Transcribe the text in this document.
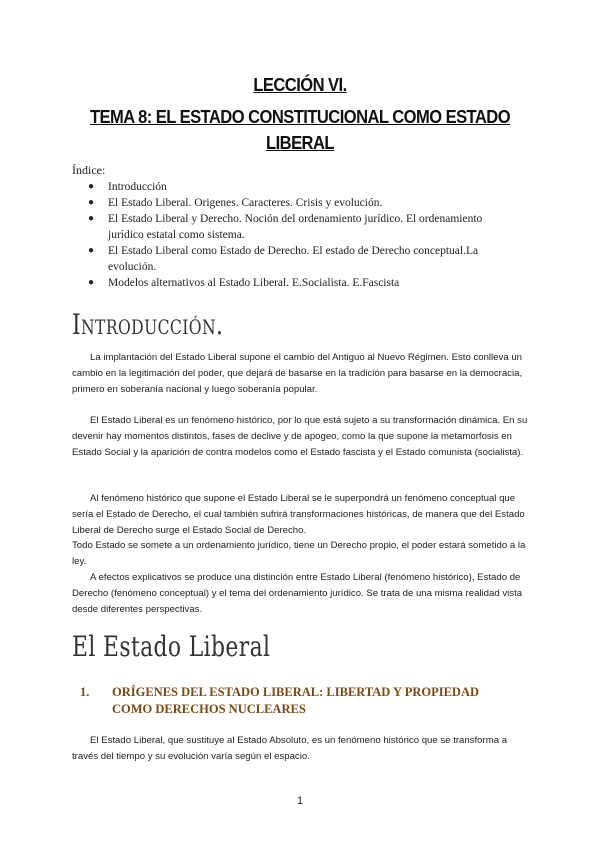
LECCIÓN VI.
TEMA 8: EL ESTADO CONSTITUCIONAL COMO ESTADO LIBERAL
Índice:
● Introducción
● El Estado Liberal. Origenes. Caracteres. Crisis y evolución.
● El Estado Liberal y Derecho. Noción del ordenamiento jurídico. El ordenamiento jurídico estatal como sistema.
● El Estado Liberal como Estado de Derecho. El estado de Derecho conceptual.La evolución.
● Modelos alternativos al Estado Liberal. E.Socialista. E.Fascista
Introducción.

La implantación del Estado Liberal supone el cambio del Antiguo al Nuevo Régimen. Esto conlleva un cambio en la legitimación del poder, que dejará de basarse en la tradición para basarse en la democracia, primero en soberanía nacional y luego soberanía popular.

El Estado Liberal es un fenómeno histórico, por lo que está sujeto a su transformación dinámica. En su devenir hay momentos distintos, fases de declive y de apogeo, como la que supone la metamorfosis en Estado Social y la aparición de contra modelos como el Estado fascista y el Estado comunista (socialista).

Al fenómeno histórico que supone el Estado Liberal se le superpondrá un fenómeno conceptual que sería el Estado de Derecho, el cual también sufrirá transformaciones históricas, de manera que del Estado Liberal de Derecho surge el Estado Social de Derecho.

Todo Estado se somete a un ordenamiento jurídico, tiene un Derecho propio, el poder estará sometido a la ley.

A efectos explicativos se produce una distinción entre Estado Liberal (fenómeno histórico), Estado de Derecho (fenómeno conceptual) y el tema del ordenamiento jurídico. Se trata de una misma realidad vista desde diferentes perspectivas.

El Estado Liberal
1.	ORÍGENES DEL ESTADO LIBERAL: LIBERTAD Y PROPIEDAD COMO DERECHOS NUCLEARES

El Estado Liberal, que sustituye al Estado Absoluto, es un fenómeno histórico que se transforma a través del tiempo y su evolución varía según el espacio.

1
